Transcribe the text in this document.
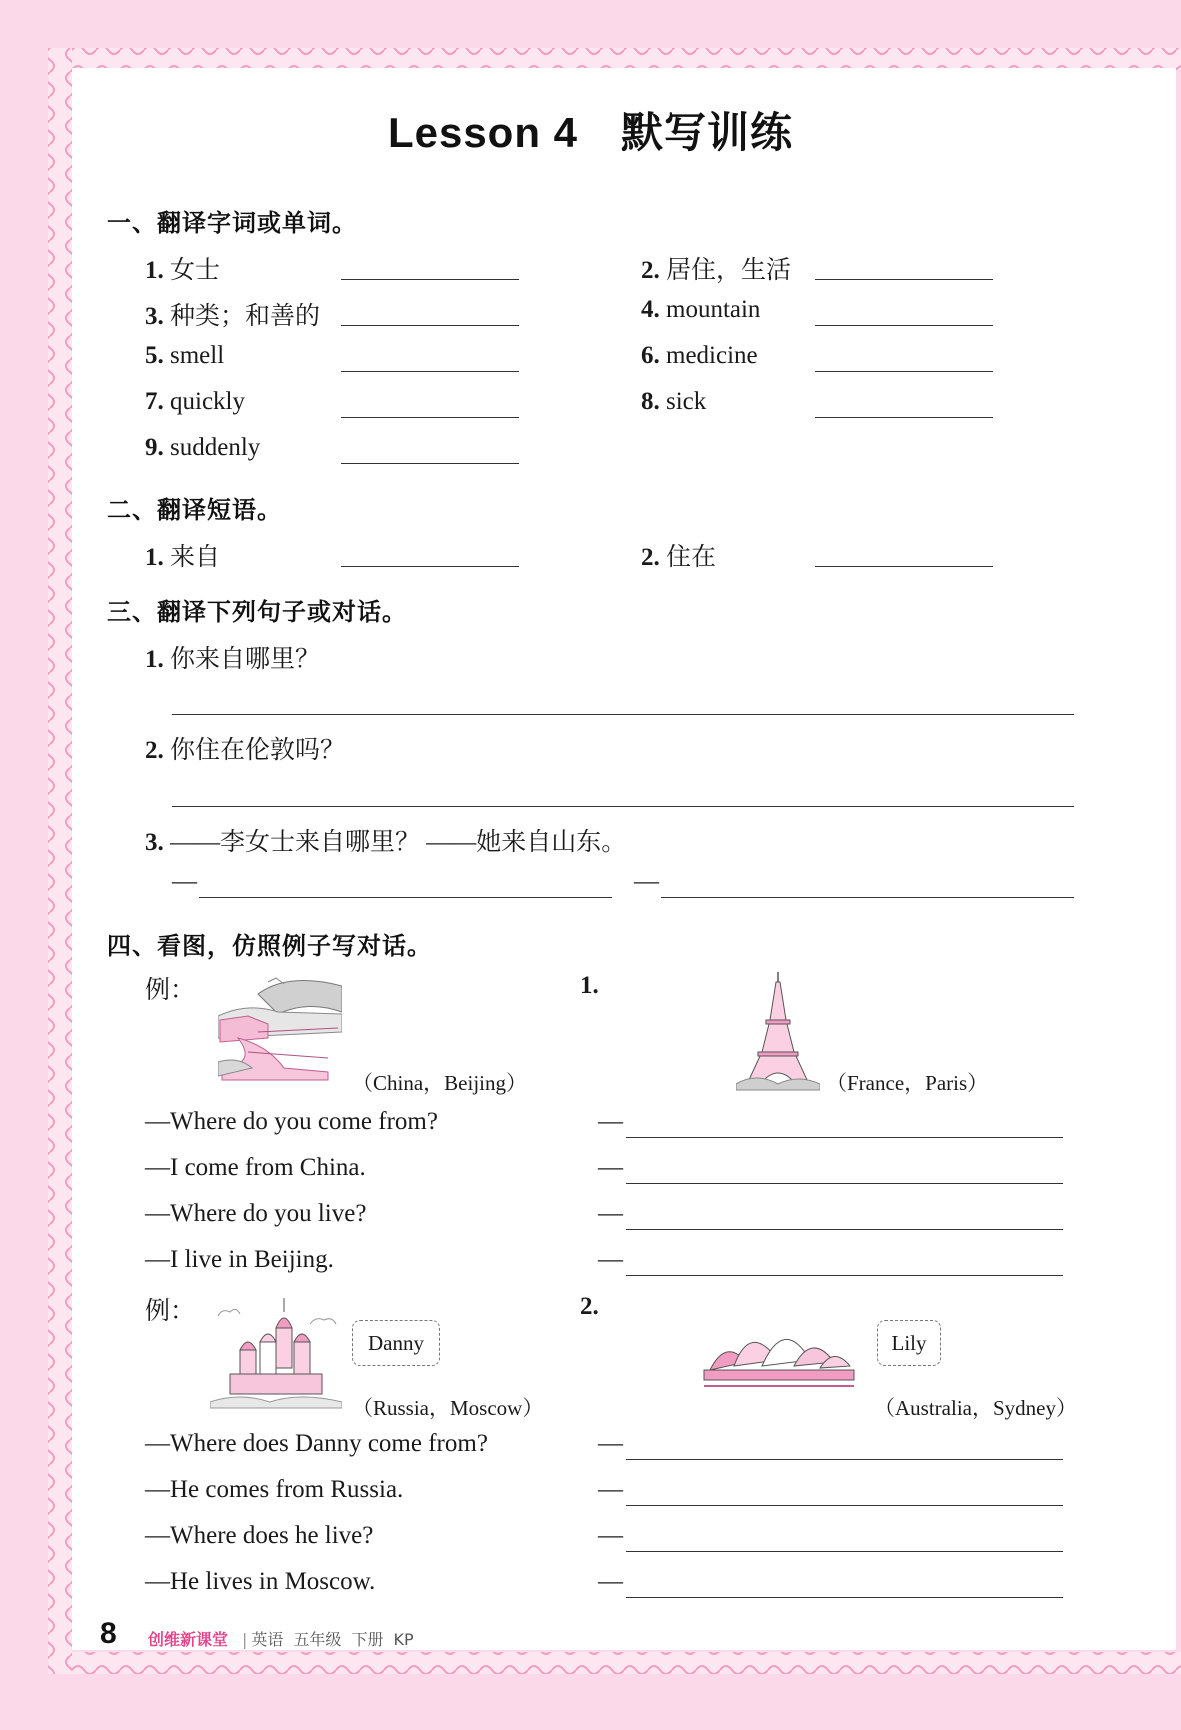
Lesson 4　默写训练
一、翻译字词或单词。
1. 女士	2. 居住，生活
3. 种类；和善的	4. mountain
5. smell	6. medicine
7. quickly	8. sick
9. suddenly
二、翻译短语。
1. 来自	2. 住在
三、翻译下列句子或对话。
1. 你来自哪里？
2. 你住在伦敦吗？
3. ——李女士来自哪里？ ——她来自山东。
—	—
四、看图，仿照例子写对话。
例：
（China，Beijing）
—Where do you come from?
—I come from China.
—Where do you live?
—I live in Beijing.
1.
（France，Paris）
—
—
—
—
例：
Danny
（Russia，Moscow）
—Where does Danny come from?
—He comes from Russia.
—Where does he live?
—He lives in Moscow.
2.
Lily
（Australia，Sydney）
—
—
—
—
8 创维新课堂 | 英语 五年级 下册 KP
